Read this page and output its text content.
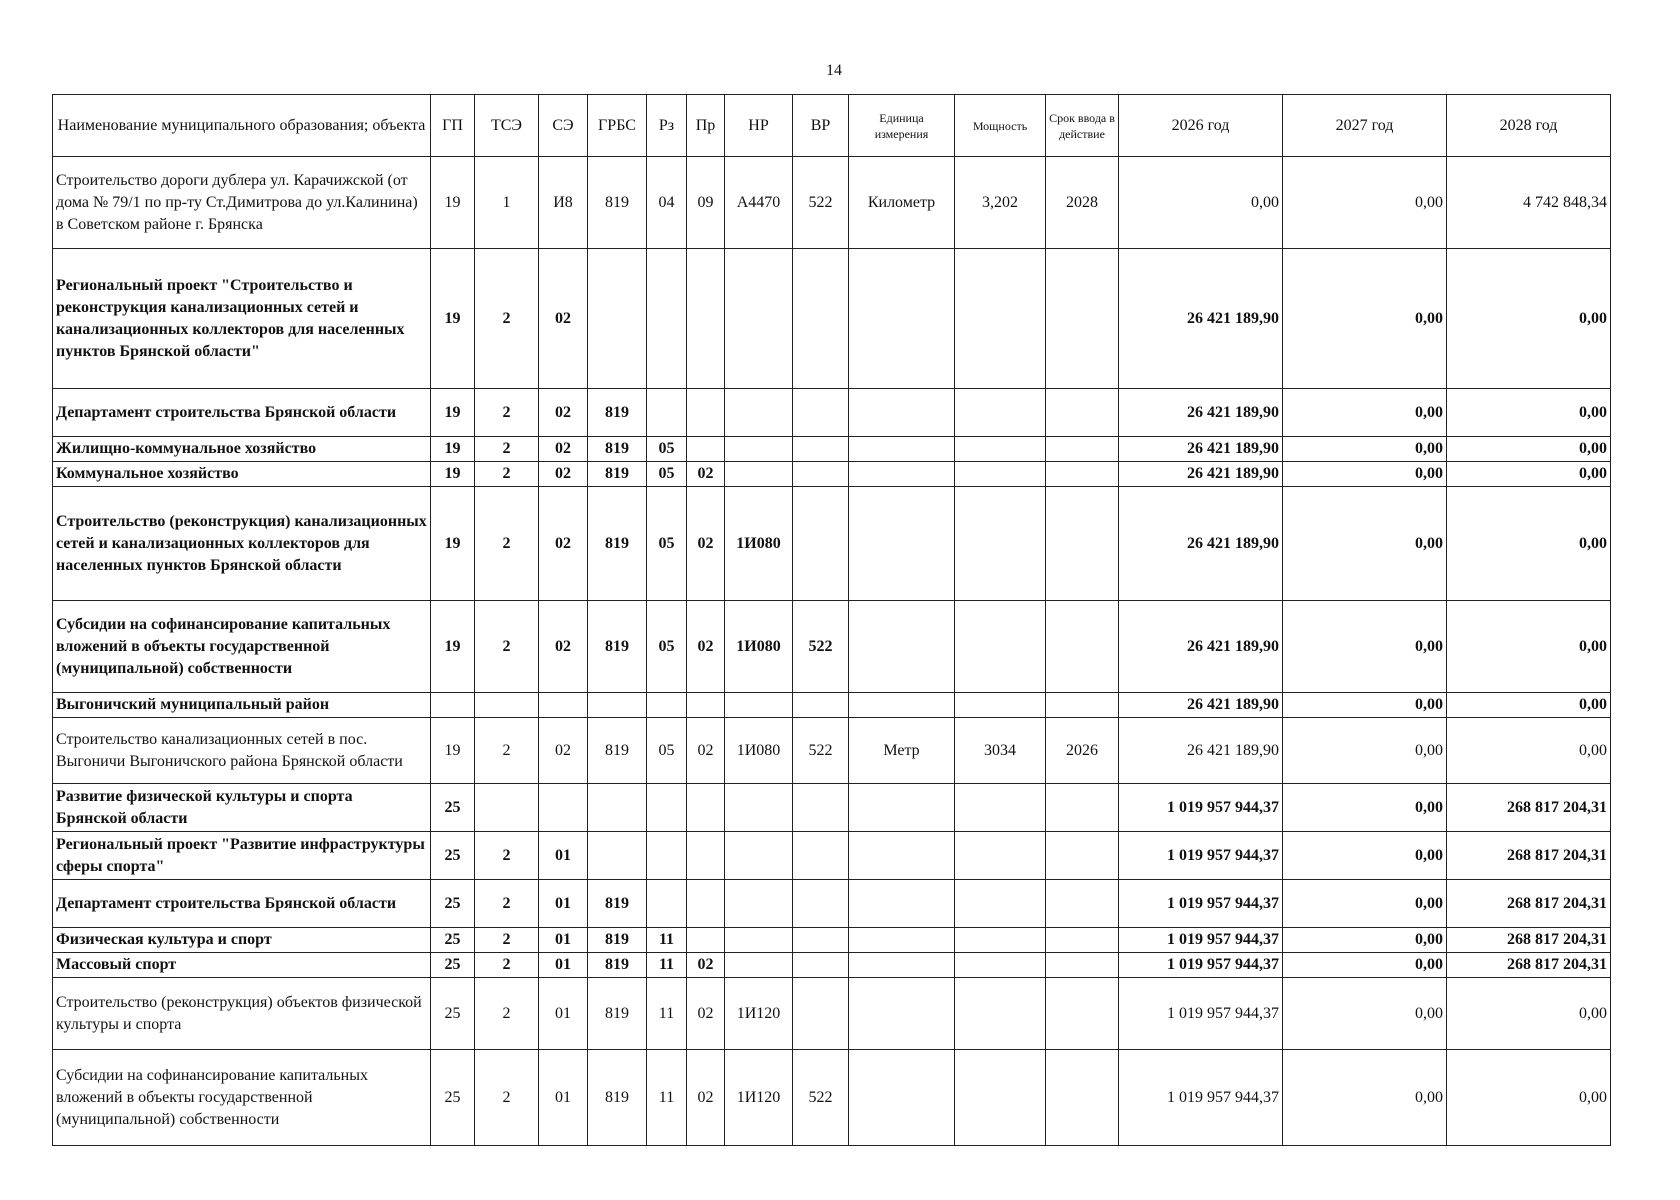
14
Наименование муниципального образования; объекта	ГП	ТСЭ	СЭ	ГРБС	Рз	Пр	НР	ВР	Единица измерения	Мощность	Срок ввода в действие	2026 год	2027 год	2028 год
Строительство дороги дублера ул. Карачижской (от дома № 79/1 по пр-ту Ст.Димитрова до ул.Калинина) в Советском районе г. Брянска	19	1	И8	819	04	09	А4470	522	Километр	3,202	2028	0,00	0,00	4 742 848,34
Региональный проект "Строительство и реконструкция канализационных сетей и канализационных коллекторов для населенных пунктов Брянской области"	19	2	02									26 421 189,90	0,00	0,00
Департамент строительства Брянской области	19	2	02	819								26 421 189,90	0,00	0,00
Жилищно-коммунальное хозяйство	19	2	02	819	05							26 421 189,90	0,00	0,00
Коммунальное хозяйство	19	2	02	819	05	02						26 421 189,90	0,00	0,00
Строительство (реконструкция) канализационных сетей и канализационных коллекторов для населенных пунктов Брянской области	19	2	02	819	05	02	1И080					26 421 189,90	0,00	0,00
Субсидии на софинансирование капитальных вложений в объекты государственной (муниципальной) собственности	19	2	02	819	05	02	1И080	522				26 421 189,90	0,00	0,00
Выгоничский муниципальный район												26 421 189,90	0,00	0,00
Строительство канализационных сетей в пос. Выгоничи Выгоничского района Брянской области	19	2	02	819	05	02	1И080	522	Метр	3034	2026	26 421 189,90	0,00	0,00
Развитие физической культуры и спорта Брянской области	25											1 019 957 944,37	0,00	268 817 204,31
Региональный проект "Развитие инфраструктуры сферы спорта"	25	2	01									1 019 957 944,37	0,00	268 817 204,31
Департамент строительства Брянской области	25	2	01	819								1 019 957 944,37	0,00	268 817 204,31
Физическая культура и спорт	25	2	01	819	11							1 019 957 944,37	0,00	268 817 204,31
Массовый спорт	25	2	01	819	11	02						1 019 957 944,37	0,00	268 817 204,31
Строительство (реконструкция) объектов физической культуры и спорта	25	2	01	819	11	02	1И120					1 019 957 944,37	0,00	0,00
Субсидии на софинансирование капитальных вложений в объекты государственной (муниципальной) собственности	25	2	01	819	11	02	1И120	522				1 019 957 944,37	0,00	0,00
